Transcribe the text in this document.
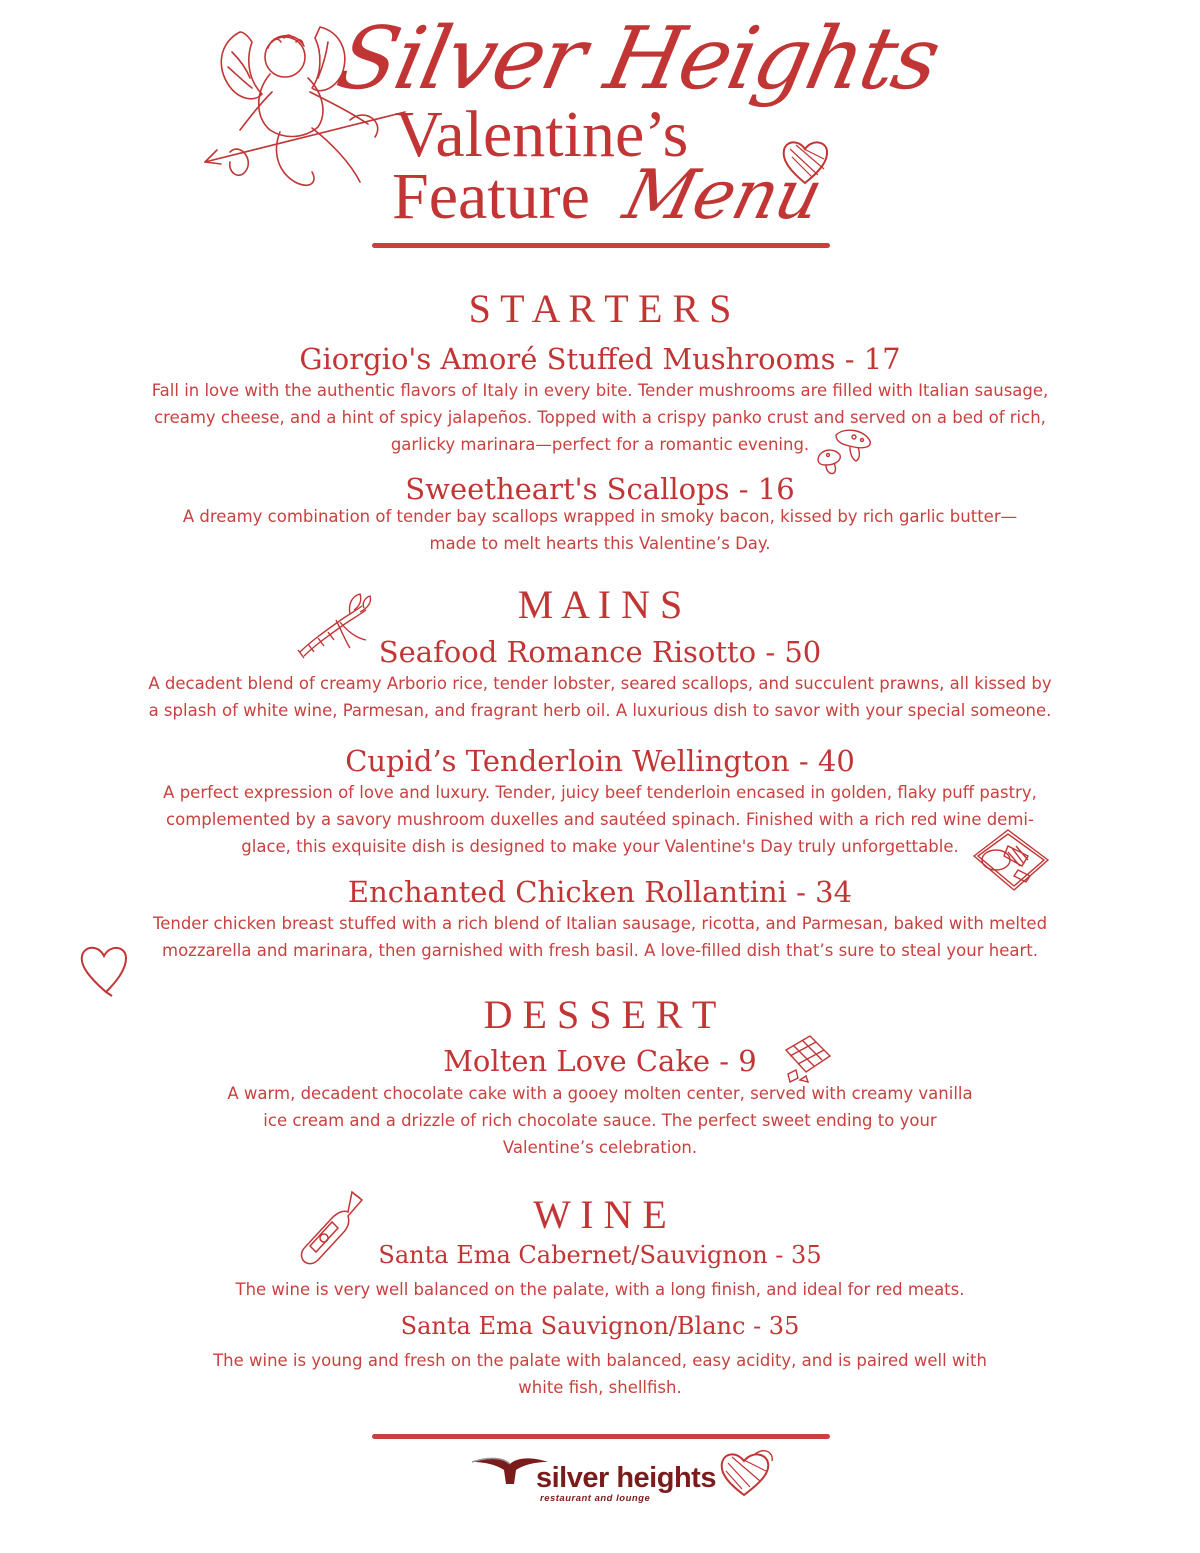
Silver Heights
Valentine’s
Feature Menu
S T A R T E R S
Giorgio's Amoré Stuffed Mushrooms - 17
Fall in love with the authentic flavors of Italy in every bite. Tender mushrooms are filled with Italian sausage,
creamy cheese, and a hint of spicy jalapeños. Topped with a crispy panko crust and served on a bed of rich,
garlicky marinara—perfect for a romantic evening.
Sweetheart's Scallops - 16
A dreamy combination of tender bay scallops wrapped in smoky bacon, kissed by rich garlic butter—
made to melt hearts this Valentine’s Day.
M A I N S
Seafood Romance Risotto - 50
A decadent blend of creamy Arborio rice, tender lobster, seared scallops, and succulent prawns, all kissed by
a splash of white wine, Parmesan, and fragrant herb oil. A luxurious dish to savor with your special someone.
Cupid’s Tenderloin Wellington - 40
A perfect expression of love and luxury. Tender, juicy beef tenderloin encased in golden, flaky puff pastry,
complemented by a savory mushroom duxelles and sautéed spinach. Finished with a rich red wine demi-
glace, this exquisite dish is designed to make your Valentine's Day truly unforgettable.
Enchanted Chicken Rollantini - 34
Tender chicken breast stuffed with a rich blend of Italian sausage, ricotta, and Parmesan, baked with melted
mozzarella and marinara, then garnished with fresh basil. A love-filled dish that’s sure to steal your heart.
D E S S E R T
Molten Love Cake - 9
A warm, decadent chocolate cake with a gooey molten center, served with creamy vanilla
ice cream and a drizzle of rich chocolate sauce. The perfect sweet ending to your
Valentine’s celebration.
W I N E
Santa Ema Cabernet/Sauvignon - 35
The wine is very well balanced on the palate, with a long finish, and ideal for red meats.
Santa Ema Sauvignon/Blanc - 35
The wine is young and fresh on the palate with balanced, easy acidity, and is paired well with
white fish, shellfish.
silver heights
restaurant and lounge
